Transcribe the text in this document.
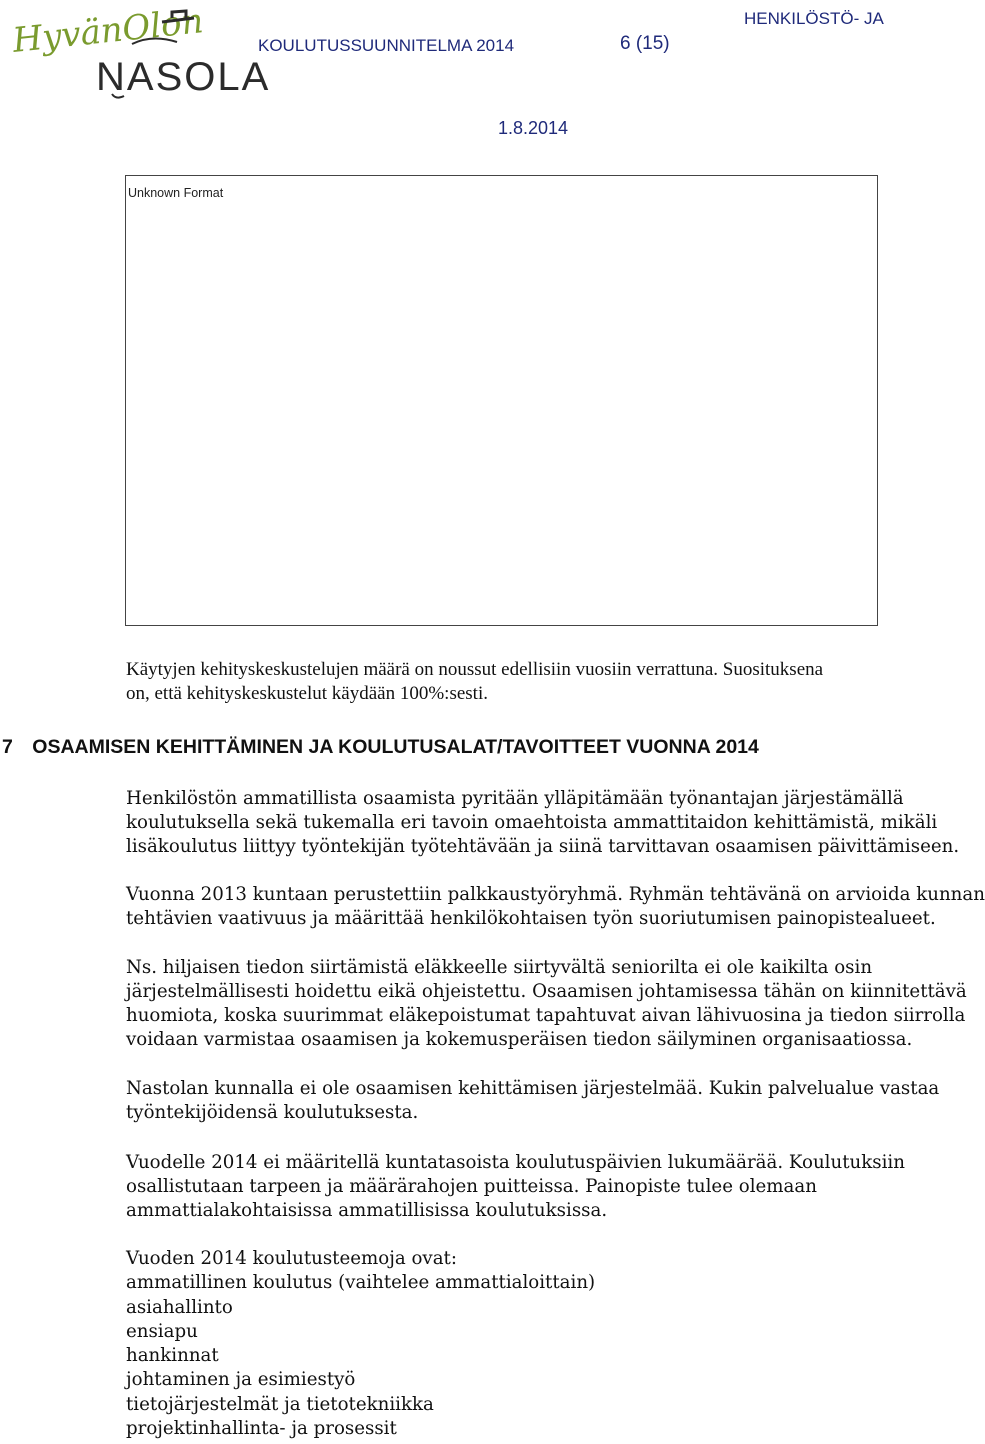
HyvänOlon
NASOLA
KOULUTUSSUUNNITELMA 2014	6 (15)
HENKILÖSTÖ- JA
1.8.2014
Unknown Format
Käytyjen kehityskeskustelujen määrä on noussut edellisiin vuosiin verrattuna. Suosituksena
on, että kehityskeskustelut käydään 100%:sesti.
7 OSAAMISEN KEHITTÄMINEN JA KOULUTUSALAT/TAVOITTEET VUONNA 2014
Henkilöstön ammatillista osaamista pyritään ylläpitämään työnantajan järjestämällä
koulutuksella sekä tukemalla eri tavoin omaehtoista ammattitaidon kehittämistä, mikäli
lisäkoulutus liittyy työntekijän työtehtävään ja siinä tarvittavan osaamisen päivittämiseen.
Vuonna 2013 kuntaan perustettiin palkkaustyöryhmä. Ryhmän tehtävänä on arvioida kunnan
tehtävien vaativuus ja määrittää henkilökohtaisen työn suoriutumisen painopistealueet.
Ns. hiljaisen tiedon siirtämistä eläkkeelle siirtyvältä seniorilta ei ole kaikilta osin
järjestelmällisesti hoidettu eikä ohjeistettu. Osaamisen johtamisessa tähän on kiinnitettävä
huomiota, koska suurimmat eläkepoistumat tapahtuvat aivan lähivuosina ja tiedon siirrolla
voidaan varmistaa osaamisen ja kokemusperäisen tiedon säilyminen organisaatiossa.
Nastolan kunnalla ei ole osaamisen kehittämisen järjestelmää. Kukin palvelualue vastaa
työntekijöidensä koulutuksesta.
Vuodelle 2014 ei määritellä kuntatasoista koulutuspäivien lukumäärää. Koulutuksiin
osallistutaan tarpeen ja määrärahojen puitteissa. Painopiste tulee olemaan
ammattialakohtaisissa ammatillisissa koulutuksissa.
Vuoden 2014 koulutusteemoja ovat:
ammatillinen koulutus (vaihtelee ammattialoittain)
asiahallinto
ensiapu
hankinnat
johtaminen ja esimiestyö
tietojärjestelmät ja tietotekniikka
projektinhallinta- ja prosessit
